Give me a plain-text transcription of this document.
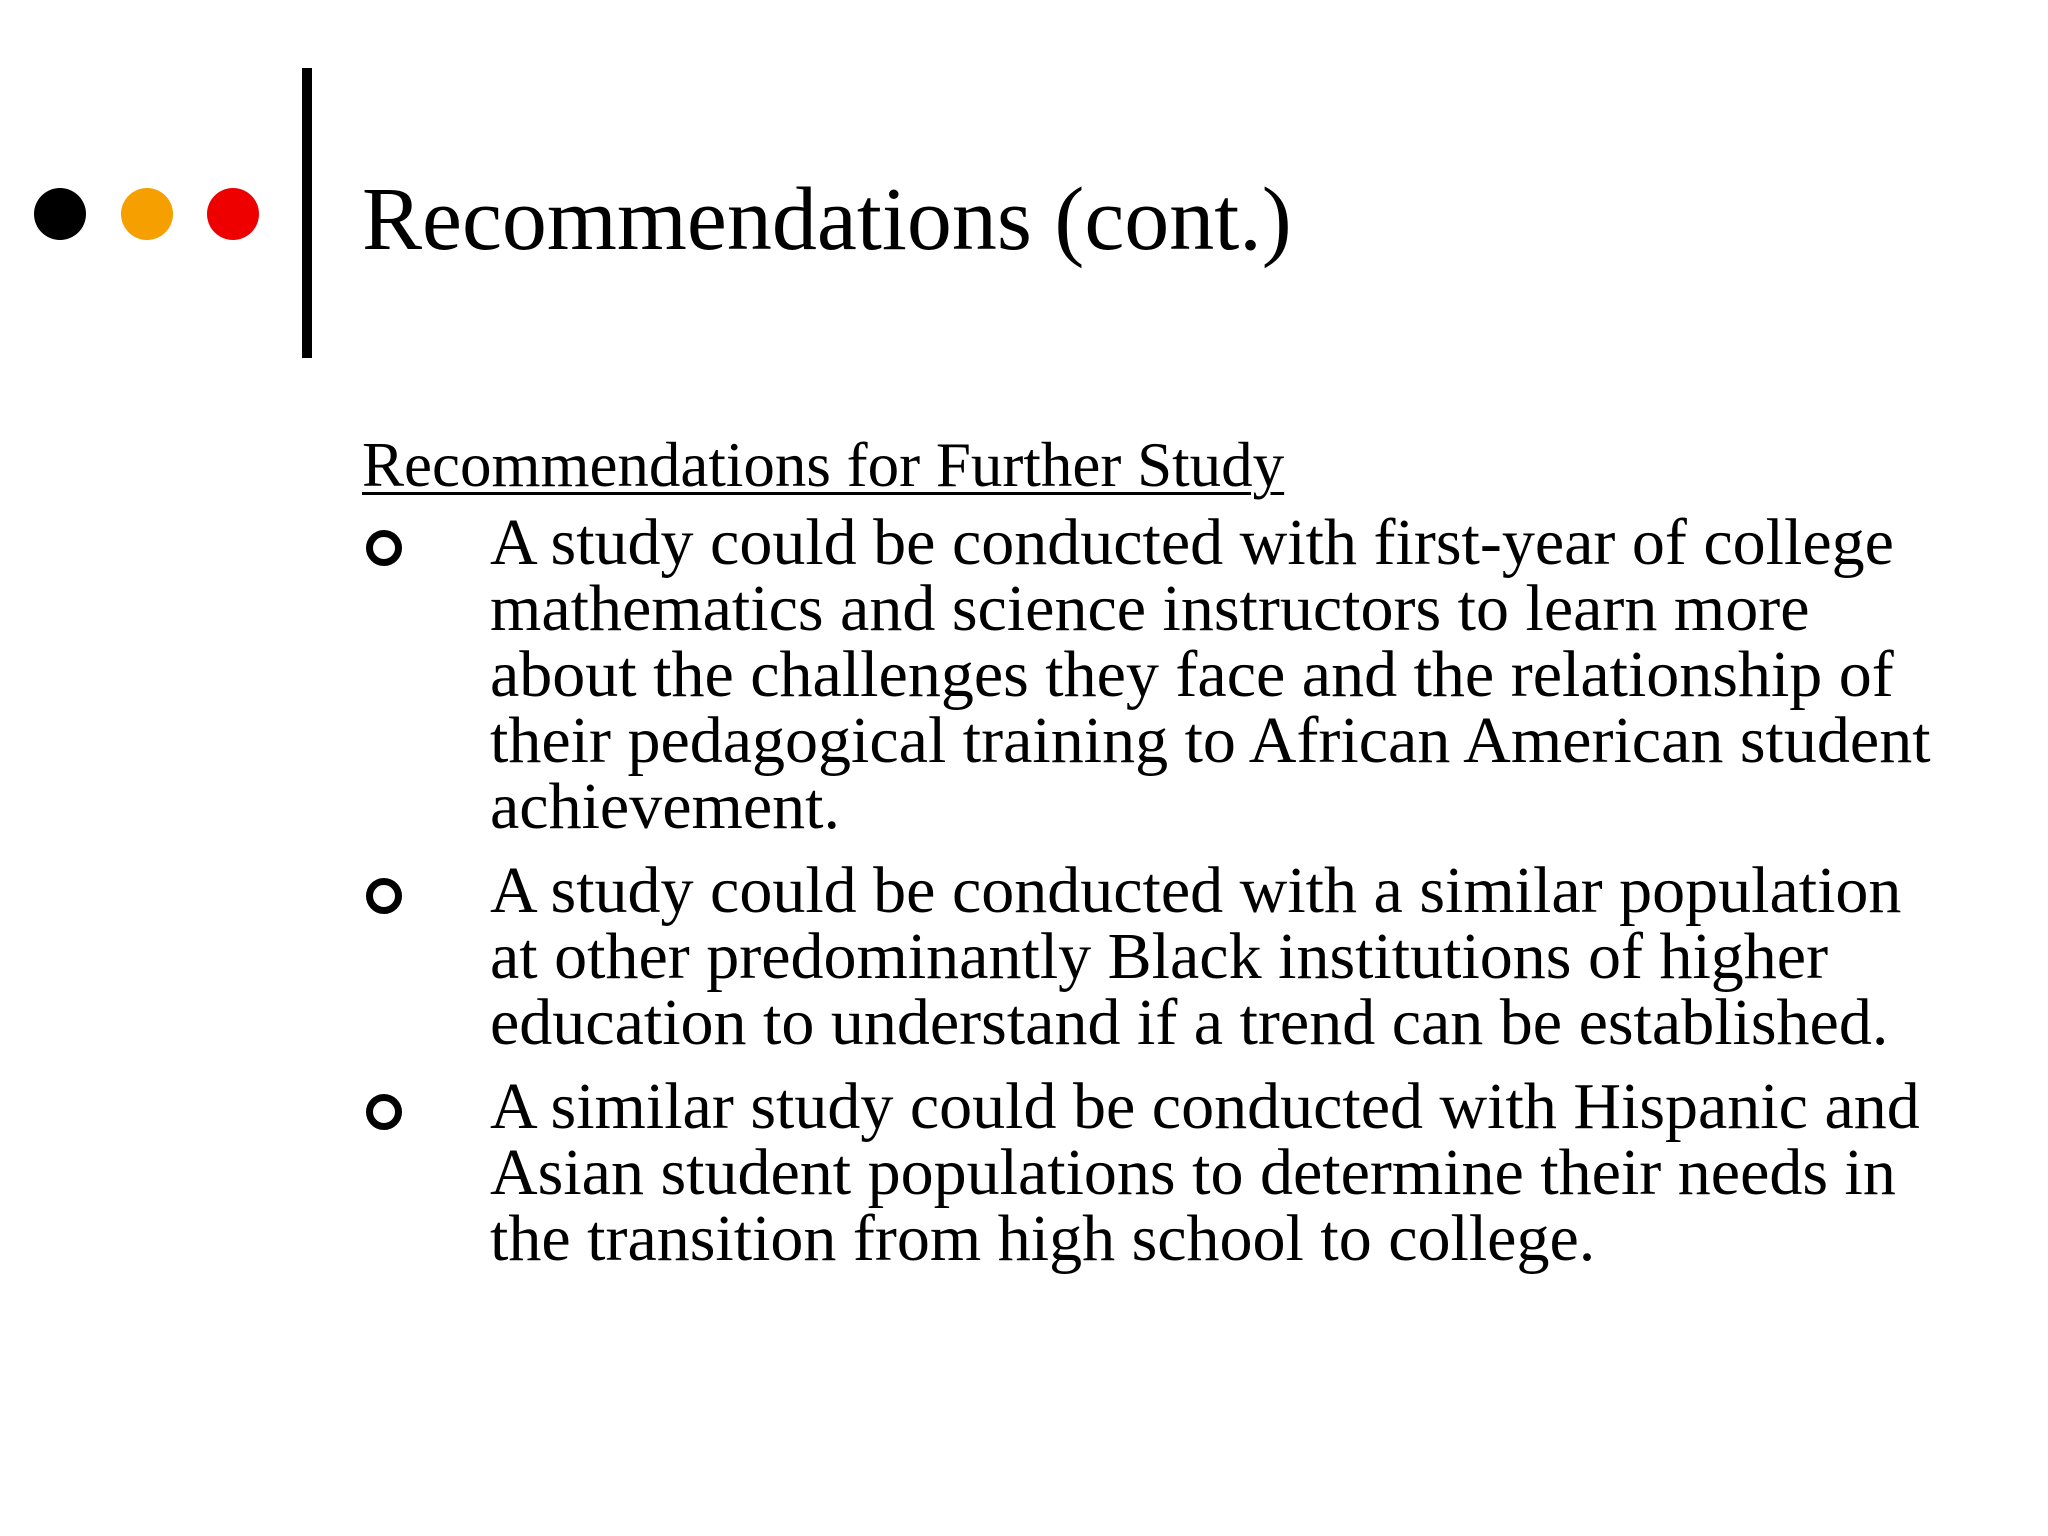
Recommendations (cont.)

Recommendations for Further Study

A study could be conducted with first-year of college mathematics and science instructors to learn more about the challenges they face and the relationship of their pedagogical training to African American student achievement.
A study could be conducted with a similar population at other predominantly Black institutions of higher education to understand if a trend can be established.
A similar study could be conducted with Hispanic and Asian student populations to determine their needs in the transition from high school to college.
